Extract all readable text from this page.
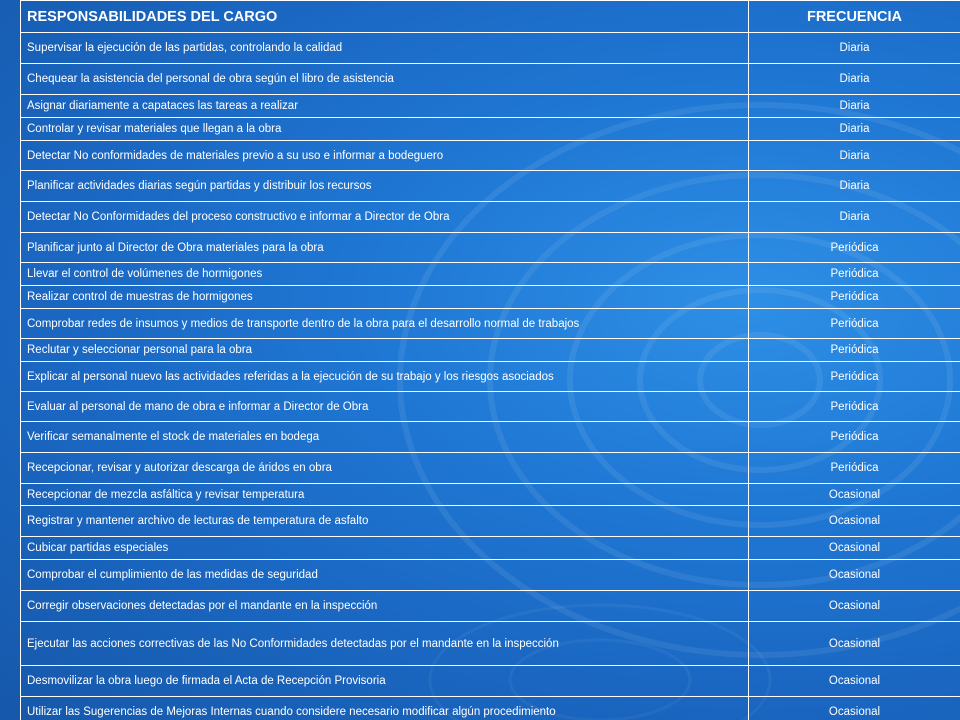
RESPONSABILIDADES DEL CARGO	FRECUENCIA
Supervisar la ejecución de las partidas, controlando la calidad	Diaria
Chequear la asistencia del personal de obra según el libro de asistencia	Diaria
Asignar diariamente a capataces las tareas a realizar	Diaria
Controlar y revisar materiales que llegan a la obra	Diaria
Detectar No conformidades de materiales previo a su uso e informar a bodeguero	Diaria
Planificar actividades diarias según partidas y distribuir los recursos	Diaria
Detectar No Conformidades del proceso constructivo e informar a Director de Obra	Diaria
Planificar junto al Director de Obra materiales para la obra	Periódica
Llevar el control de volúmenes de hormigones	Periódica
Realizar control de muestras de hormigones	Periódica
Comprobar redes de insumos y medios de transporte dentro de la obra para el desarrollo normal de trabajos	Periódica
Reclutar y seleccionar personal para la obra	Periódica
Explicar al personal nuevo las actividades referidas a la ejecución de su trabajo y los riesgos asociados	Periódica
Evaluar al personal de mano de obra e informar a Director de Obra	Periódica
Verificar semanalmente el stock de materiales en bodega	Periódica
Recepcionar, revisar y autorizar descarga de áridos en obra	Periódica
Recepcionar de mezcla asfáltica y revisar temperatura	Ocasional
Registrar y mantener archivo de lecturas de temperatura de asfalto	Ocasional
Cubicar partidas especiales	Ocasional
Comprobar el cumplimiento de las medidas de seguridad	Ocasional
Corregir observaciones detectadas por el mandante en la inspección	Ocasional
Ejecutar las acciones correctivas de las No Conformidades detectadas por el mandante en la inspección	Ocasional
Desmovilizar la obra luego de firmada el Acta de Recepción Provisoria	Ocasional
Utilizar las Sugerencias de Mejoras Internas cuando considere necesario modificar algún procedimiento	Ocasional
